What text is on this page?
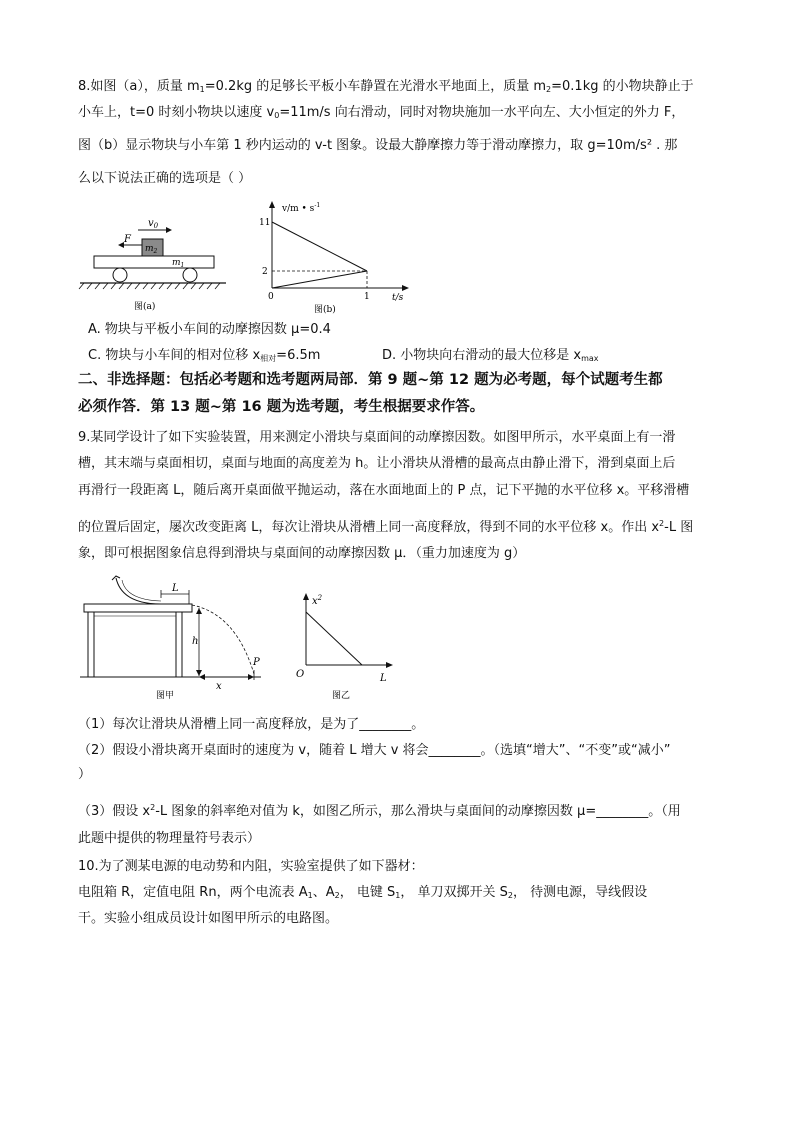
8.如图（a），质量 $m_1=0.2kg$ 的足够长平板小车静置在光滑水平地面上，质量 $m_2=0.1kg$ 的小物块静止于
小车上，t=0 时刻小物块以速度 $v_0=11m/s$ 向右滑动，同时对物块施加一水平向左、大小恒定的外力 F，
图（b）显示物块与小车第 1 秒内运动的 v-t 图象。设最大静摩擦力等于滑动摩擦力，取 g=10m/s² . 那
么以下说法正确的选项是（ ）
$v_0$
F
$m_2$
$m_1$
图(a)
v/m • $s^{-1}$
t/s
11
2
0	1
图(b)
A. 物块与平板小车间的动摩擦因数 μ=0.4
C. 物块与小车间的相对位移 $x_{相对}=6.5m$	D. 小物块向右滑动的最大位移是 $x_{max}$
二、非选择题：包括必考题和选考题两局部．第 9 题~第 12 题为必考题，每个试题考生都
必须作答．第 13 题~第 16 题为选考题，考生根据要求作答。
9.某同学设计了如下实验装置，用来测定小滑块与桌面间的动摩擦因数。如图甲所示，水平桌面上有一滑
槽，其末端与桌面相切，桌面与地面的高度差为 h。让小滑块从滑槽的最高点由静止滑下，滑到桌面上后
再滑行一段距离 L，随后离开桌面做平抛运动，落在水面地面上的 P 点，记下平抛的水平位移 x。平移滑槽
的位置后固定，屡次改变距离 L，每次让滑块从滑槽上同一高度释放，得到不同的水平位移 x。作出 $x^2-L$ 图
象，即可根据图象信息得到滑块与桌面间的动摩擦因数 μ．（重力加速度为 g）
L
h
P
x
图甲
$x^2$
O	L
图乙
（1）每次让滑块从滑槽上同一高度释放，是为了________。
（2）假设小滑块离开桌面时的速度为 v，随着 L 增大 v 将会________。（选填“增大”、“不变”或“减小”
）
（3）假设 $x^2-L$ 图象的斜率绝对值为 k，如图乙所示，那么滑块与桌面间的动摩擦因数 μ=________。（用
此题中提供的物理量符号表示）
10.为了测某电源的电动势和内阻，实验室提供了如下器材：
电阻箱 R，定值电阻 Rn，两个电流表 $A_1$、$A_2$， 电键 $S_1$， 单刀双掷开关 $S_2$， 待测电源，导线假设
干。实验小组成员设计如图甲所示的电路图。
